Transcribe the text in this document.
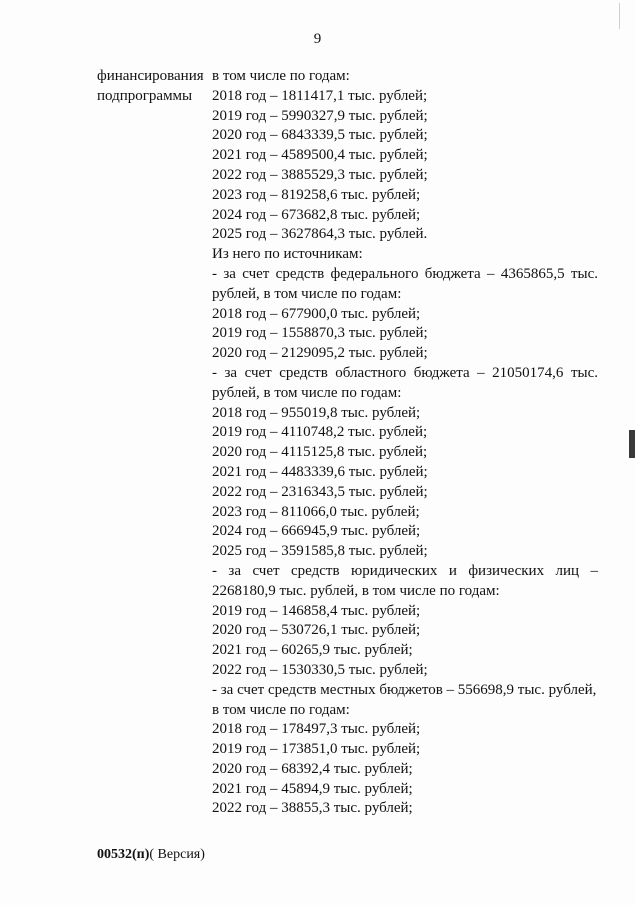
9
финансирования
подпрограммы
в том числе по годам:
2018 год – 1811417,1 тыс. рублей;
2019 год – 5990327,9 тыс. рублей;
2020 год – 6843339,5 тыс. рублей;
2021 год – 4589500,4 тыс. рублей;
2022 год – 3885529,3 тыс. рублей;
2023 год – 819258,6 тыс. рублей;
2024 год – 673682,8 тыс. рублей;
2025 год – 3627864,3 тыс. рублей.
Из него по источникам:
- за счет средств федерального бюджета – 4365865,5 тыс.
рублей, в том числе по годам:
2018 год – 677900,0 тыс. рублей;
2019 год – 1558870,3 тыс. рублей;
2020 год – 2129095,2 тыс. рублей;
- за счет средств областного бюджета – 21050174,6 тыс.
рублей, в том числе по годам:
2018 год – 955019,8 тыс. рублей;
2019 год – 4110748,2 тыс. рублей;
2020 год – 4115125,8 тыс. рублей;
2021 год – 4483339,6 тыс. рублей;
2022 год – 2316343,5 тыс. рублей;
2023 год – 811066,0 тыс. рублей;
2024 год – 666945,9 тыс. рублей;
2025 год – 3591585,8 тыс. рублей;
- за счет средств юридических и физических лиц –
2268180,9 тыс. рублей, в том числе по годам:
2019 год – 146858,4 тыс. рублей;
2020 год – 530726,1 тыс. рублей;
2021 год – 60265,9 тыс. рублей;
2022 год – 1530330,5 тыс. рублей;
- за счет средств местных бюджетов – 556698,9 тыс. рублей,
в том числе по годам:
2018 год – 178497,3 тыс. рублей;
2019 год – 173851,0 тыс. рублей;
2020 год – 68392,4 тыс. рублей;
2021 год – 45894,9 тыс. рублей;
2022 год – 38855,3 тыс. рублей;
00532(п)( Версия)
